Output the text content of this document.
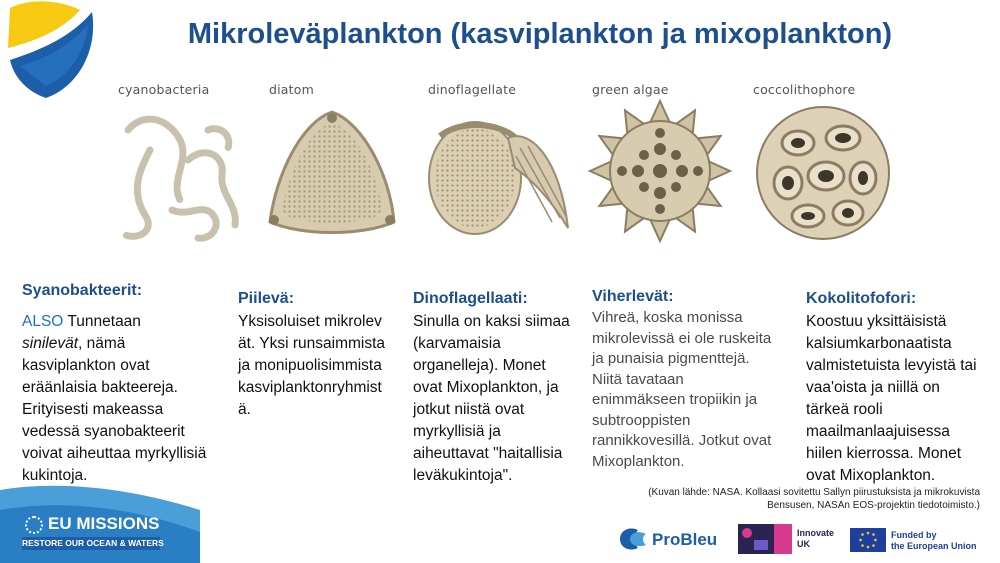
Mikroleväplankton (kasviplankton ja mixoplankton)
cyanobacteria	diatom	dinoflagellate	green algae	coccolithophore
Syanobakteerit:
ALSO Tunnetaan
sinilevät, nämä kasviplankton ovat eräänlaisia bakteereja. Erityisesti makeassa vedessä syanobakteerit voivat aiheuttaa myrkyllisiä kukintoja.
Piilevä:
Yksisoluiset mikrolevät. Yksi runsaimmista ja monipuolisimmista kasviplanktonryhmistä.
Dinoflagellaati:
Sinulla on kaksi siimaa (karvamaisia organelleja). Monet ovat Mixoplankton, ja jotkut niistä ovat myrkyllisiä ja aiheuttavat "haitallisia leväkukintoja".
Viherlevät:
Vihreä, koska monissa mikrolevissä ei ole ruskeita ja punaisia pigmenttejä. Niitä tavataan enimmäkseen tropiikin ja subtrooppisten rannikkovesillä. Jotkut ovat Mixoplankton.
Kokolitofofori:
Koostuu yksittäisistä kalsiumkarbonaatista valmistetuista levyistä tai vaa'oista ja niillä on tärkeä rooli maailmanlaajuisessa hiilen kierrossa. Monet ovat Mixoplankton.
(Kuvan lähde: NASA. Kollaasi sovitettu Sallyn piirustuksista ja mikrokuvista Bensusen, NASAn EOS-projektin tiedotoimisto.)
EU MISSIONS
RESTORE OUR OCEAN & WATERS	ProBleu	Innovate
UK
Funded by
the European Union
